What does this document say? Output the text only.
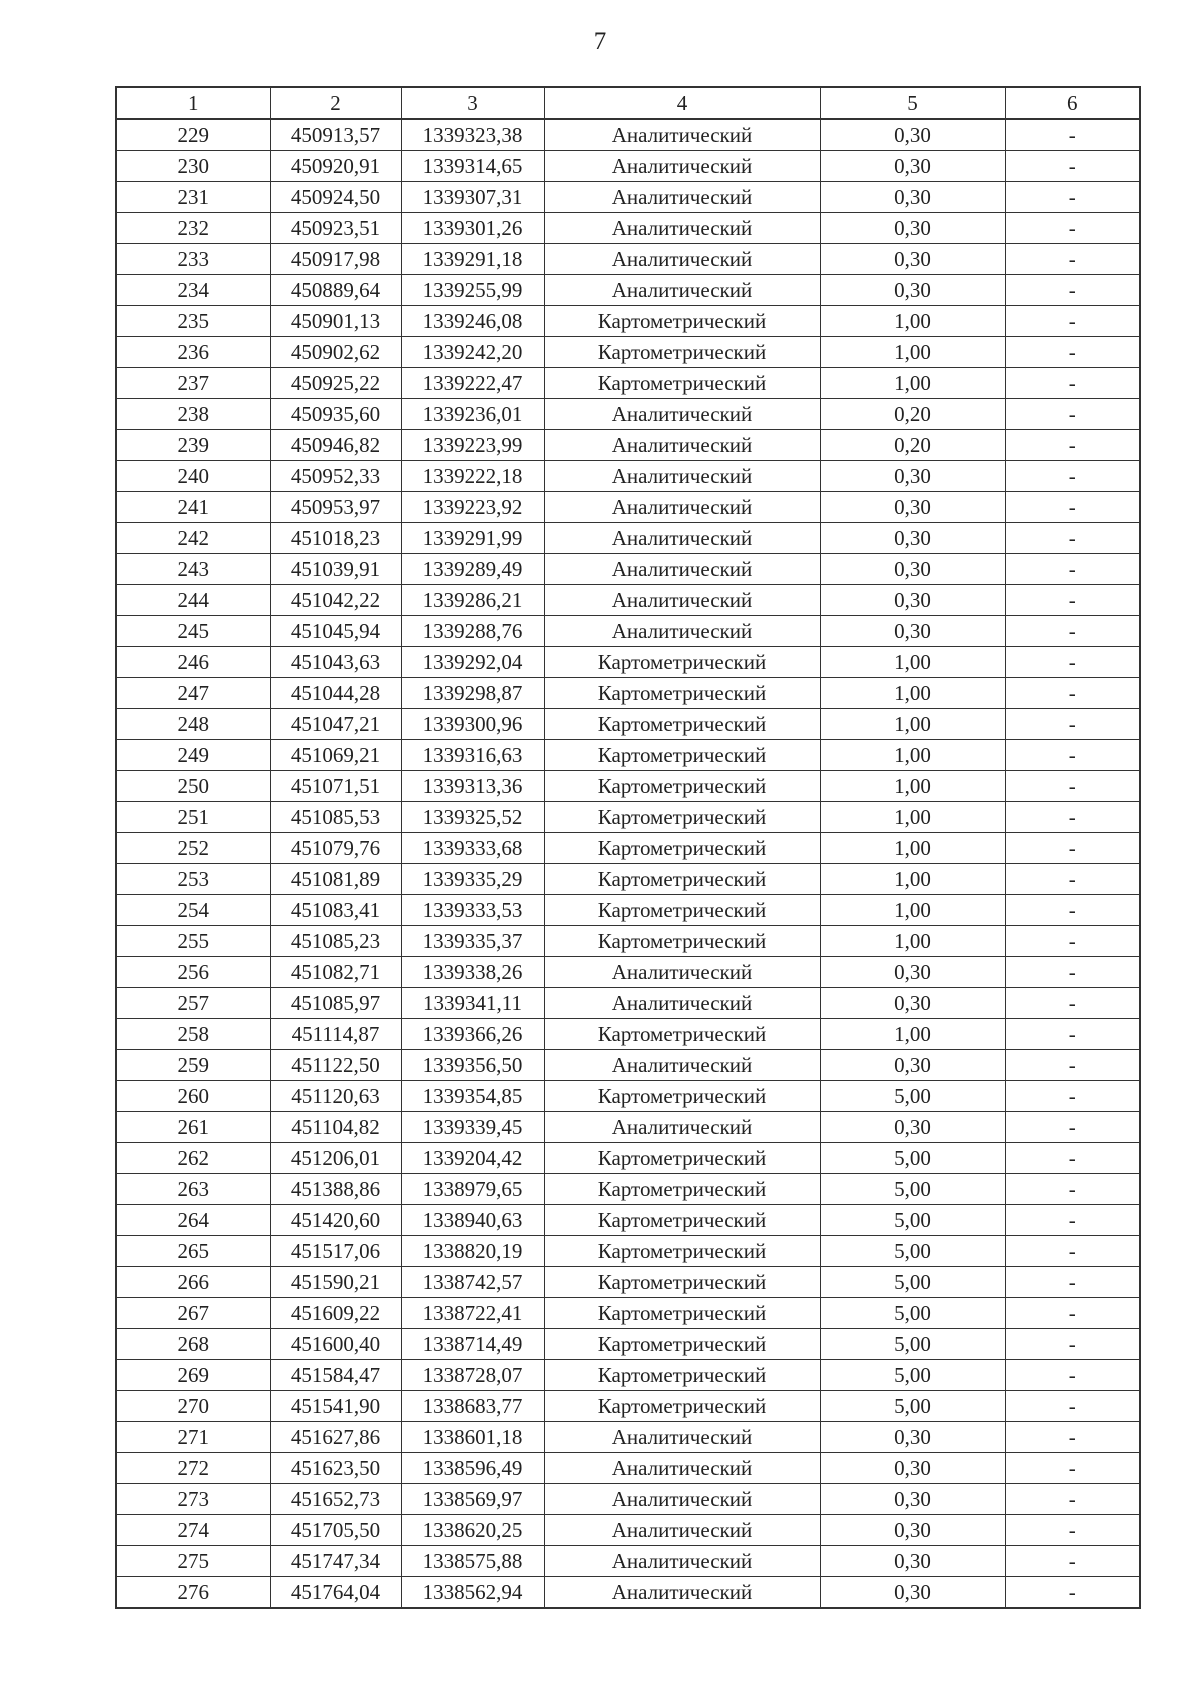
7
1	2	3	4	5	6
229	450913,57	1339323,38	Аналитический	0,30	-
230	450920,91	1339314,65	Аналитический	0,30	-
231	450924,50	1339307,31	Аналитический	0,30	-
232	450923,51	1339301,26	Аналитический	0,30	-
233	450917,98	1339291,18	Аналитический	0,30	-
234	450889,64	1339255,99	Аналитический	0,30	-
235	450901,13	1339246,08	Картометрический	1,00	-
236	450902,62	1339242,20	Картометрический	1,00	-
237	450925,22	1339222,47	Картометрический	1,00	-
238	450935,60	1339236,01	Аналитический	0,20	-
239	450946,82	1339223,99	Аналитический	0,20	-
240	450952,33	1339222,18	Аналитический	0,30	-
241	450953,97	1339223,92	Аналитический	0,30	-
242	451018,23	1339291,99	Аналитический	0,30	-
243	451039,91	1339289,49	Аналитический	0,30	-
244	451042,22	1339286,21	Аналитический	0,30	-
245	451045,94	1339288,76	Аналитический	0,30	-
246	451043,63	1339292,04	Картометрический	1,00	-
247	451044,28	1339298,87	Картометрический	1,00	-
248	451047,21	1339300,96	Картометрический	1,00	-
249	451069,21	1339316,63	Картометрический	1,00	-
250	451071,51	1339313,36	Картометрический	1,00	-
251	451085,53	1339325,52	Картометрический	1,00	-
252	451079,76	1339333,68	Картометрический	1,00	-
253	451081,89	1339335,29	Картометрический	1,00	-
254	451083,41	1339333,53	Картометрический	1,00	-
255	451085,23	1339335,37	Картометрический	1,00	-
256	451082,71	1339338,26	Аналитический	0,30	-
257	451085,97	1339341,11	Аналитический	0,30	-
258	451114,87	1339366,26	Картометрический	1,00	-
259	451122,50	1339356,50	Аналитический	0,30	-
260	451120,63	1339354,85	Картометрический	5,00	-
261	451104,82	1339339,45	Аналитический	0,30	-
262	451206,01	1339204,42	Картометрический	5,00	-
263	451388,86	1338979,65	Картометрический	5,00	-
264	451420,60	1338940,63	Картометрический	5,00	-
265	451517,06	1338820,19	Картометрический	5,00	-
266	451590,21	1338742,57	Картометрический	5,00	-
267	451609,22	1338722,41	Картометрический	5,00	-
268	451600,40	1338714,49	Картометрический	5,00	-
269	451584,47	1338728,07	Картометрический	5,00	-
270	451541,90	1338683,77	Картометрический	5,00	-
271	451627,86	1338601,18	Аналитический	0,30	-
272	451623,50	1338596,49	Аналитический	0,30	-
273	451652,73	1338569,97	Аналитический	0,30	-
274	451705,50	1338620,25	Аналитический	0,30	-
275	451747,34	1338575,88	Аналитический	0,30	-
276	451764,04	1338562,94	Аналитический	0,30	-
